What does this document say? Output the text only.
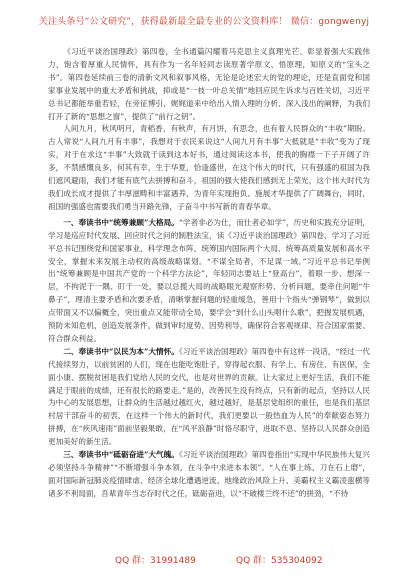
关注头条号“公文研究”，获得最新最全最专业的公文资料库！ 微信：gongwenyj

《习近平谈治国理政》第四卷，全书通篇闪耀着马克思主义真理光芒、彰显着强大实践伟力，饱含着厚重人民情怀，具有作为一名年轻同志读原著学原文、悟原理，知原义的“宝头之书”。第四卷延续前三卷的清新文风和叙事风格，无论是论述宏大的党的理论，还是直面党和国家事业发展中的重大矛盾和挑战，抑或是“一枝一叶总关情”地回应民生诉求与百姓关切，习近平总书记都能举重若轻，在旁征博引、娓娓道来中给出入情入理的分析、深入浅出的阐释，为我们打开了新的“思想之窗”，提供了“前行之钥”。

人间九月，秋风明月，青稻香，有秋声，有月饼，有思念，也有着人民群众的“丰收”期盼。古人常说“人间九月有丰事”，我想对于农民来说这“人间九月有丰事”大抵就是“丰收”变为了现实，对于在求这“丰事”大致就于读到这本好书，通过阅读这本书，使我的胸襟一下子开阔了许多，不禁感慨良多，何其有幸，生于华夏，恰逢盛世，在这个伟大的时代，只有强盛的祖国为我们遮风避雨，我们才能有底气去拼搏和奋斗，祖国的强大使我们感到无上荣光，这个伟大时代为我们成长成才提供了丰厚滋畴和丰富遇养，为青年实现抱负、施展才华提供了广阔舞台，同时，祖国的强盛也需要我们勇当开路先锋，子奋斗中书写新的青春华章。

一、奉读书中“统筹兼顾”大格局。“学者非必为仕，而仕者必如学”，历史和实践充分证明，学习是巡应时代发展、回应时代之问的制胜法宝，读《习近平谈治国理政》第四卷，学习了习近平总书记围绕党和国家事业、科学理念布阵，统筹国内国际两个大局、统筹高质量发展和高水平安全，掌握未来发展主动权的高级战略谋划。“不谋全局者，不足谋一域。”习近平总书记举例出“统筹兼顾是中国共产党的一个科学方法论”，年轻同志要站上“登高台”，着眼一步、想深一层，不拘泥于一隅、盯于一处，要以总揽大局的战略眼光观察形势、分析问题，要牵住问题“牛鼻子”，理清主要矛盾和次要矛盾，清晰掌握问题的轻重缓急，善用十个指头“弹钢琴”，做到以点带面又不以偏概全，突出重点又能带动全局，要学会“到什么山头唱什么歌”，把握发展机遇，预防未知危机，创造发展条件，做到审时度势、因势利导，确保符合客观规律、符合国家需要、符合群众利益。

二、奉读书中“以民为本”大情怀。《习近平谈治国理政》第四卷中有这样一段话，“经过一代代接续努力，以前贫困的人们，现在也能吃饱肚子，穿得起衣服、有学上、有房住、有医保，全面小康、摆脱贫困是我们党给人民的交代，也是对世界的贡献。让大家过上更好生活，我们不能满足于眼前的成绩，还有很长的路要走。”是的，改善民生没有终点，只有新的起点，坚持以人民为中心的发展思想，让群众的生活越过越红火，越过越好，是基层党组织的重任，也是我们基层村居干部奋斗的初衷，在这样一个伟大的新时代，我们更要以一般热血为人民”的奉献姿态努力拼搏，在“疾风速雨”面前坚毅果敢，在“风平浪静”时恪尽职守，进取不息、坚持以人民群众创造更加美好的新生活。

三、奉读书中“砥砺奋进”大气魄。《习近平谈治国理政》第四卷指出“实现中华民族伟大复兴必须坚持斗争精神”“不断增强斗争本领，在斗争中求进本本领”。“人在事上练，刀在石上磨”，面对国际新冠肺炎疫情肆虐、经济全球化遭遇逆流、地缘政治风险上升、美霸权主义霸凌蛮横等诸多不利局面，吾辈青年当志存时代之任，砥砺奋进，以“不破楼兰终不还”的拼劲，“不待

QQ 群：31991489	QQ 群：535304092
